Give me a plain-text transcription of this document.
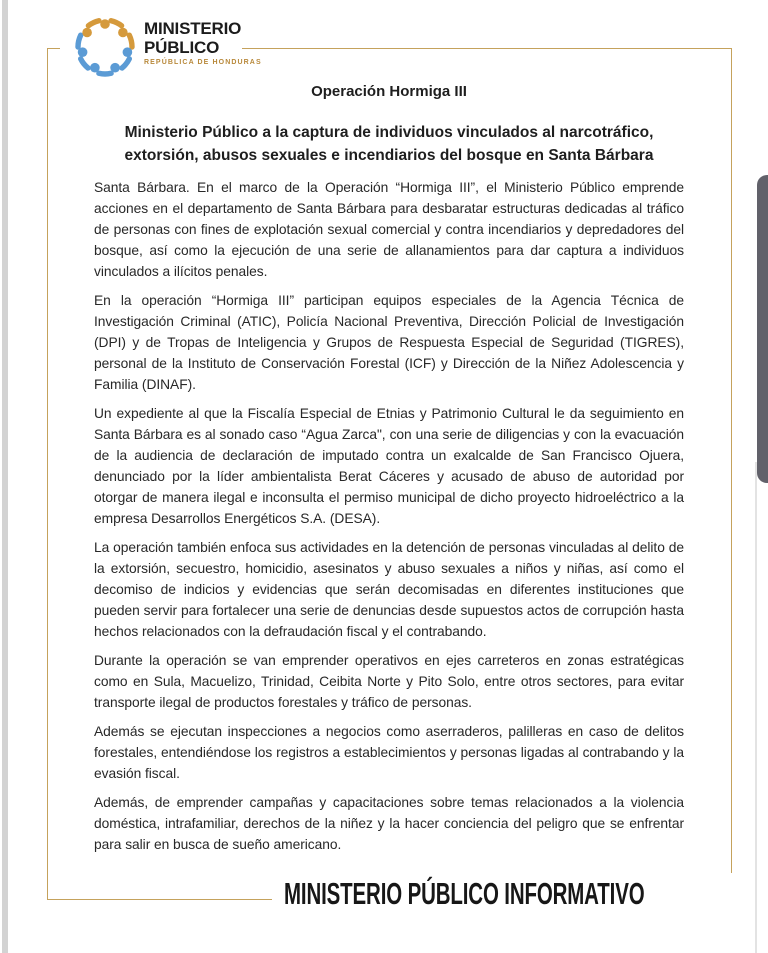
MINISTERIO
PÚBLICO
REPÚBLICA DE HONDURAS
Operación Hormiga III
Ministerio Público a la captura de individuos vinculados al narcotráfico,
extorsión, abusos sexuales e incendiarios del bosque en Santa Bárbara

Santa Bárbara. En el marco de la Operación “Hormiga III”, el Ministerio Público emprende acciones en el departamento de Santa Bárbara para desbaratar estructuras dedicadas al tráfico de personas con fines de explotación sexual comercial y contra incendiarios y depredadores del bosque, así como la ejecución de una serie de allanamientos para dar captura a individuos vinculados a ilícitos penales.

En la operación “Hormiga III” participan equipos especiales de la Agencia Técnica de Investigación Criminal (ATIC), Policía Nacional Preventiva, Dirección Policial de Investigación (DPI) y de Tropas de Inteligencia y Grupos de Respuesta Especial de Seguridad (TIGRES), personal de la Instituto de Conservación Forestal (ICF) y Dirección de la Niñez Adolescencia y Familia (DINAF).

Un expediente al que la Fiscalía Especial de Etnias y Patrimonio Cultural le da seguimiento en Santa Bárbara es al sonado caso “Agua Zarca", con una serie de diligencias y con la evacuación de la audiencia de declaración de imputado contra un exalcalde de San Francisco Ojuera, denunciado por la líder ambientalista Berat Cáceres y acusado de abuso de autoridad por otorgar de manera ilegal e inconsulta el permiso municipal de dicho proyecto hidroeléctrico a la empresa Desarrollos Energéticos S.A. (DESA).

La operación también enfoca sus actividades en la detención de personas vinculadas al delito de la extorsión, secuestro, homicidio, asesinatos y abuso sexuales a niños y niñas, así como el decomiso de indicios y evidencias que serán decomisadas en diferentes instituciones que pueden servir para fortalecer una serie de denuncias desde supuestos actos de corrupción hasta hechos relacionados con la defraudación fiscal y el contrabando.

Durante la operación se van emprender operativos en ejes carreteros en zonas estratégicas como en Sula, Macuelizo, Trinidad, Ceibita Norte y Pito Solo, entre otros sectores, para evitar transporte ilegal de productos forestales y tráfico de personas.

Además se ejecutan inspecciones a negocios como aserraderos, palilleras en caso de delitos forestales, entendiéndose los registros a establecimientos y personas ligadas al contrabando y la evasión fiscal.

Además, de emprender campañas y capacitaciones sobre temas relacionados a la violencia doméstica, intrafamiliar, derechos de la niñez y la hacer conciencia del peligro que se enfrentar para salir en busca de sueño americano.

MINISTERIO PÚBLICO INFORMATIVO
